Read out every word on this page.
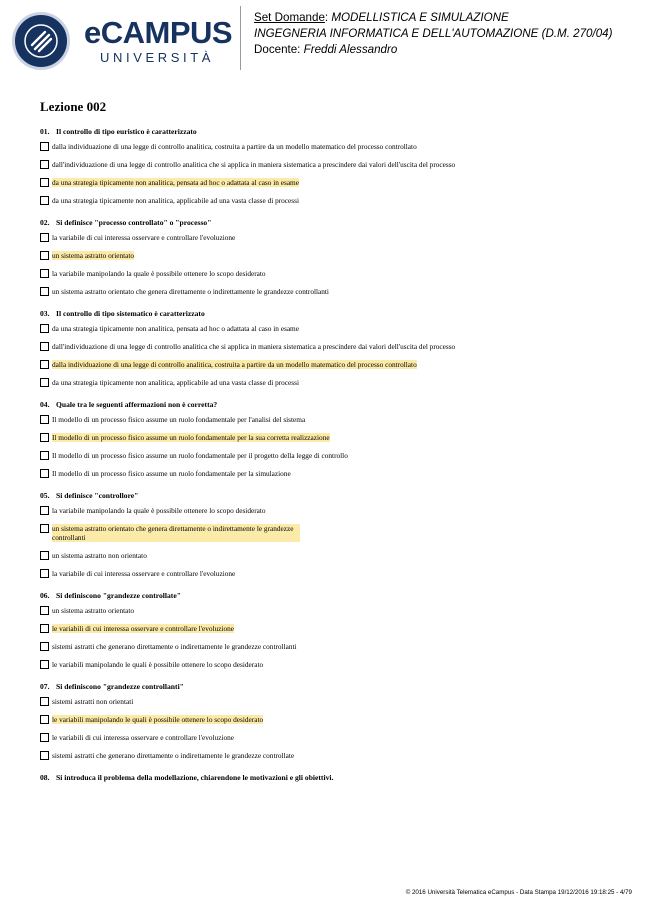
eCAMPUS
UNIVERSITÀ
Set Domande: MODELLISTICA E SIMULAZIONE
INGEGNERIA INFORMATICA E DELL'AUTOMAZIONE (D.M. 270/04)
Docente: Freddi Alessandro
Lezione 002
01. Il controllo di tipo euristico è caratterizzato
dalla individuazione di una legge di controllo analitica, costruita a partire da un modello matematico del processo controllato
dall'individuazione di una legge di controllo analitica che si applica in maniera sistematica a prescindere dai valori dell'uscita del processo
da una strategia tipicamente non analitica, pensata ad hoc o adattata al caso in esame
da una strategia tipicamente non analitica, applicabile ad una vasta classe di processi
02. Si definisce "processo controllato" o "processo"
la variabile di cui interessa osservare e controllare l'evoluzione
un sistema astratto orientato
la variabile manipolando la quale è possibile ottenere lo scopo desiderato
un sistema astratto orientato che genera direttamente o indirettamente le grandezze controllanti
03. Il controllo di tipo sistematico è caratterizzato
da una strategia tipicamente non analitica, pensata ad hoc o adattata al caso in esame
dall'individuazione di una legge di controllo analitica che si applica in maniera sistematica a prescindere dai valori dell'uscita del processo
dalla individuazione di una legge di controllo analitica, costruita a partire da un modello matematico del processo controllato
da una strategia tipicamente non analitica, applicabile ad una vasta classe di processi
04. Quale tra le seguenti affermazioni non è corretta?
Il modello di un processo fisico assume un ruolo fondamentale per l'analisi del sistema
Il modello di un processo fisico assume un ruolo fondamentale per la sua corretta realizzazione
Il modello di un processo fisico assume un ruolo fondamentale per il progetto della legge di controllo
Il modello di un processo fisico assume un ruolo fondamentale per la simulazione
05. Si definisce "controllore"
la variabile manipolando la quale è possibile ottenere lo scopo desiderato
un sistema astratto orientato che genera direttamente o indirettamente le grandezze controllanti
un sistema astratto non orientato
la variabile di cui interessa osservare e controllare l'evoluzione
06. Si definiscono "grandezze controllate"
un sistema astratto orientato
le variabili di cui interessa osservare e controllare l'evoluzione
sistemi astratti che generano direttamente o indirettamente le grandezze controllanti
le variabili manipolando le quali è possibile ottenere lo scopo desiderato
07. Si definiscono "grandezze controllanti"
sistemi astratti non orientati
le variabili manipolando le quali è possibile ottenere lo scopo desiderato
le variabili di cui interessa osservare e controllare l'evoluzione
sistemi astratti che generano direttamente o indirettamente le grandezze controllate
08. Si introduca il problema della modellazione, chiarendone le motivazioni e gli obiettivi.
© 2016 Università Telematica eCampus - Data Stampa 19/12/2016 19:18:25 - 4/79
